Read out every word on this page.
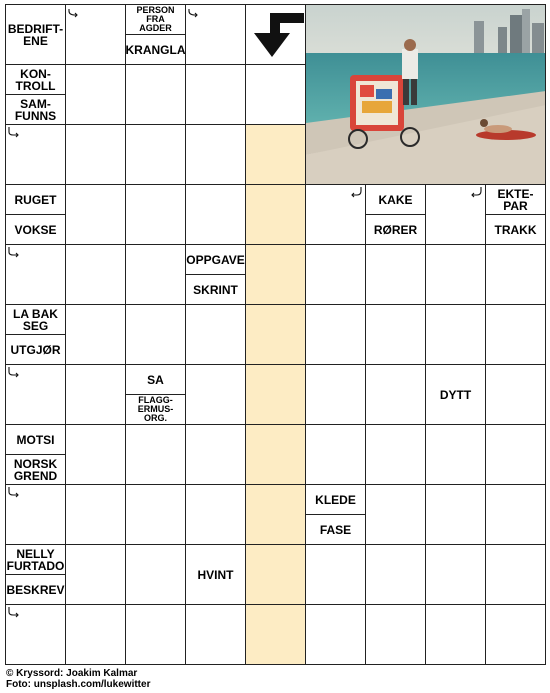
BEDRIFT-
ENE
PERSON
FRA
AGDER
KRANGLA
KON-
TROLL
SAM-
FUNNS
RUGET
VOKSE
KAKE
RØRER
EKTE-
PAR
TRAKK
OPPGAVE
SKRINT
LA BAK
SEG
UTGJØR
SA
FLAGG-
ERMUS-
ORG.
DYTT
MOTSI
NORSK
GREND
KLEDE
FASE
NELLY
FURTADO
BESKREV
HVINT
© Kryssord: Joakim Kalmar
Foto: unsplash.com/lukewitter
